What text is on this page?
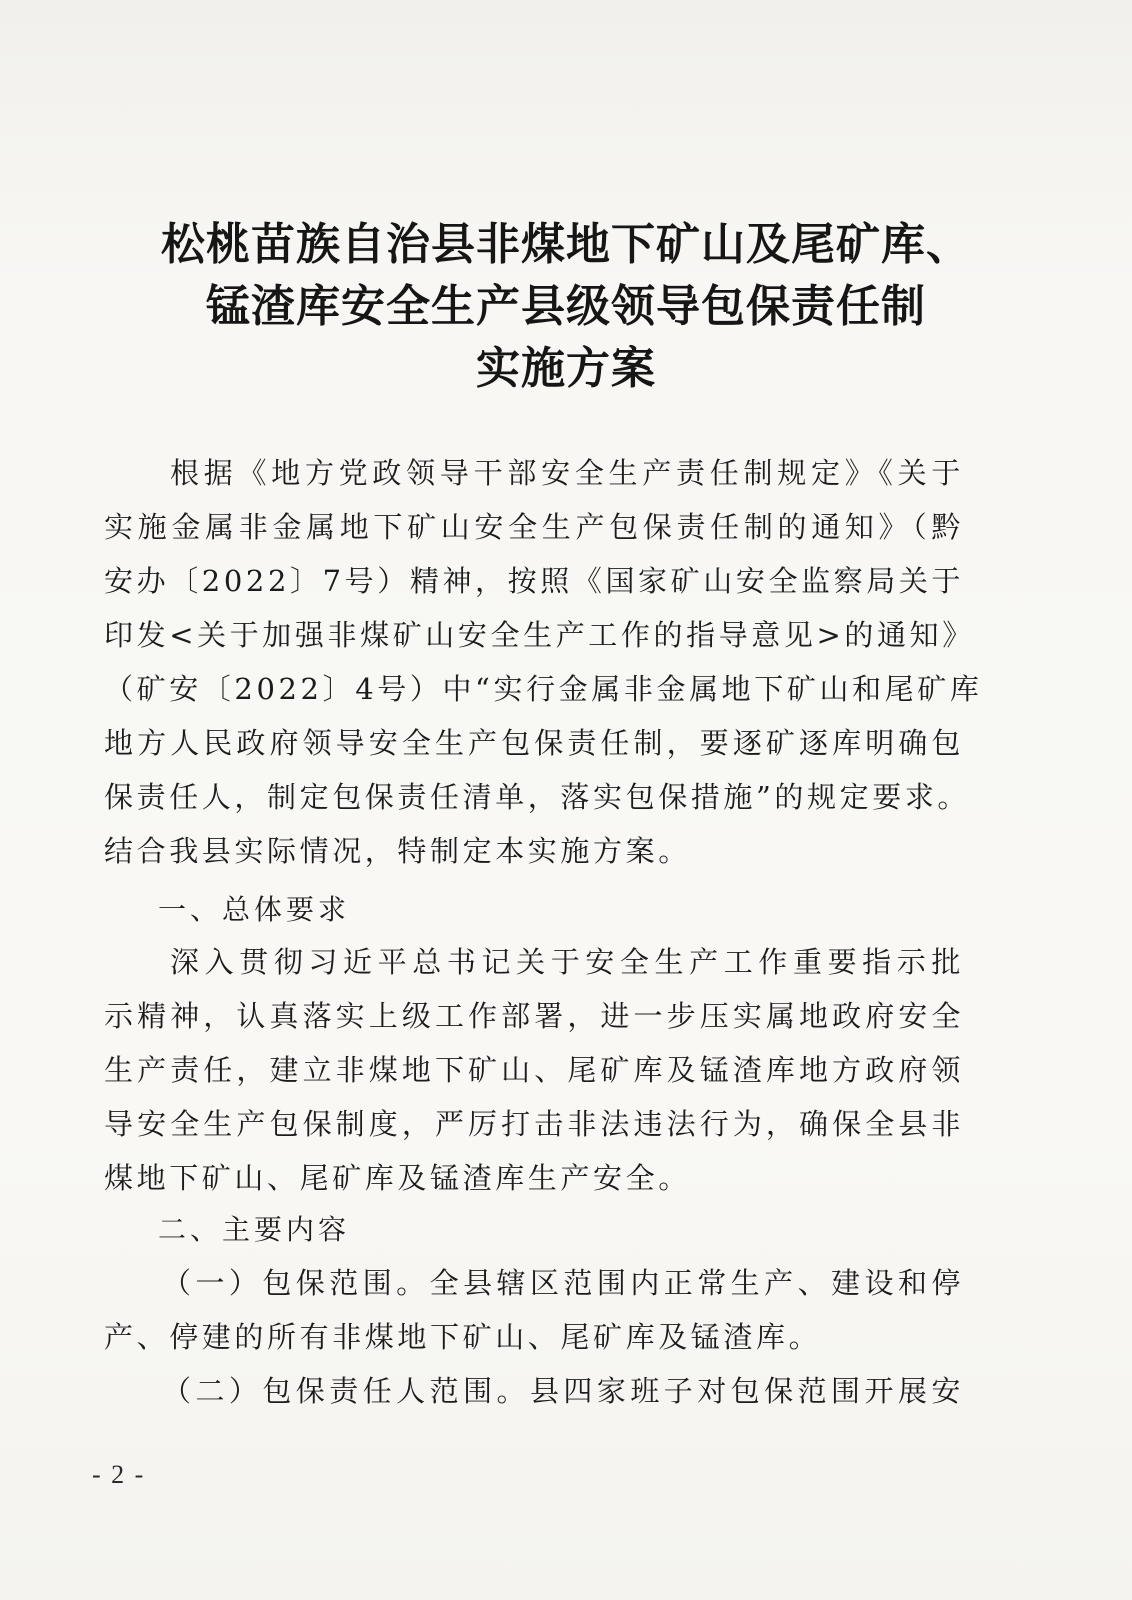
松桃苗族自治县非煤地下矿山及尾矿库、
锰渣库安全生产县级领导包保责任制
实施方案
根据《地方党政领导干部安全生产责任制规定》《关于
实施金属非金属地下矿山安全生产包保责任制的通知》（黔
安办〔2022〕7号）精神，按照《国家矿山安全监察局关于
印发<关于加强非煤矿山安全生产工作的指导意见>的通知》
（矿安〔2022〕4号）中“实行金属非金属地下矿山和尾矿库
地方人民政府领导安全生产包保责任制，要逐矿逐库明确包
保责任人，制定包保责任清单，落实包保措施”的规定要求。
结合我县实际情况，特制定本实施方案。
一、总体要求
深入贯彻习近平总书记关于安全生产工作重要指示批
示精神，认真落实上级工作部署，进一步压实属地政府安全
生产责任，建立非煤地下矿山、尾矿库及锰渣库地方政府领
导安全生产包保制度，严厉打击非法违法行为，确保全县非
煤地下矿山、尾矿库及锰渣库生产安全。
二、主要内容
（一）包保范围。全县辖区范围内正常生产、建设和停
产、停建的所有非煤地下矿山、尾矿库及锰渣库。
（二）包保责任人范围。县四家班子对包保范围开展安
- 2 -
